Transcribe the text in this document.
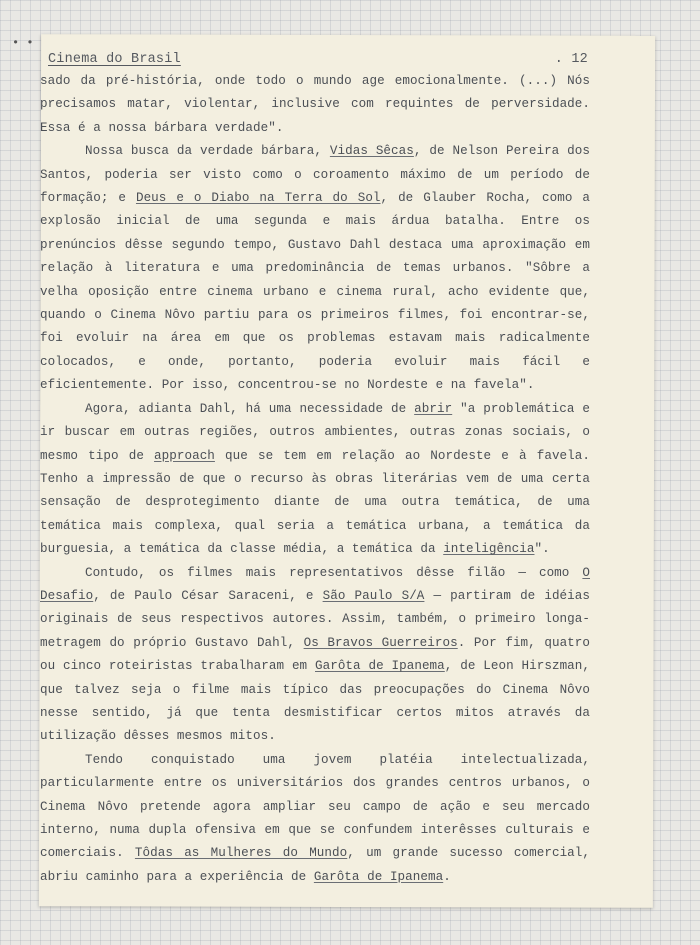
• •
Cinema do Brasil	. 12

sado da pré-história, onde todo o mundo age emocionalmente. (...) Nós precisamos matar, violentar, inclusive com requintes de perversidade. Essa é a nossa bárbara verdade".

Nossa busca da verdade bárbara, Vidas Sêcas, de Nelson Pereira dos Santos, poderia ser visto como o coroamento máximo de um período de formação; e Deus e o Diabo na Terra do Sol, de Glauber Rocha, como a explosão inicial de uma segunda e mais árdua batalha. Entre os prenúncios dêsse segundo tempo, Gustavo Dahl destaca uma aproximação em relação à literatura e uma predominância de temas urbanos. "Sôbre a velha oposição entre cinema urbano e cinema rural, acho evidente que, quando o Cinema Nôvo partiu para os primeiros filmes, foi encontrar-se, foi evoluir na área em que os problemas estavam mais radicalmente colocados, e onde, portanto, poderia evoluir mais fácil e eficientemente. Por isso, concentrou-se no Nordeste e na favela".

Agora, adianta Dahl, há uma necessidade de abrir "a problemática e ir buscar em outras regiões, outros ambientes, outras zonas sociais, o mesmo tipo de approach que se tem em relação ao Nordeste e à favela. Tenho a impressão de que o recurso às obras literárias vem de uma certa sensação de desprotegimento diante de uma outra temática, de uma temática mais complexa, qual seria a temática urbana, a temática da burguesia, a temática da classe média, a temática da inteligência".

Contudo, os filmes mais representativos dêsse filão — como O Desafio, de Paulo César Saraceni, e São Paulo S/A — partiram de idéias originais de seus respectivos autores. Assim, também, o primeiro longa-metragem do próprio Gustavo Dahl, Os Bravos Guerreiros. Por fim, quatro ou cinco roteiristas trabalharam em Garôta de Ipanema, de Leon Hirszman, que talvez seja o filme mais típico das preocupações do Cinema Nôvo nesse sentido, já que tenta desmistificar certos mitos através da utilização dêsses mesmos mitos.

Tendo conquistado uma jovem platéia intelectualizada, particularmente entre os universitários dos grandes centros urbanos, o Cinema Nôvo pretende agora ampliar seu campo de ação e seu mercado interno, numa dupla ofensiva em que se confundem interêsses culturais e comerciais. Tôdas as Mulheres do Mundo, um grande sucesso comercial, abriu caminho para a experiência de Garôta de Ipanema.
